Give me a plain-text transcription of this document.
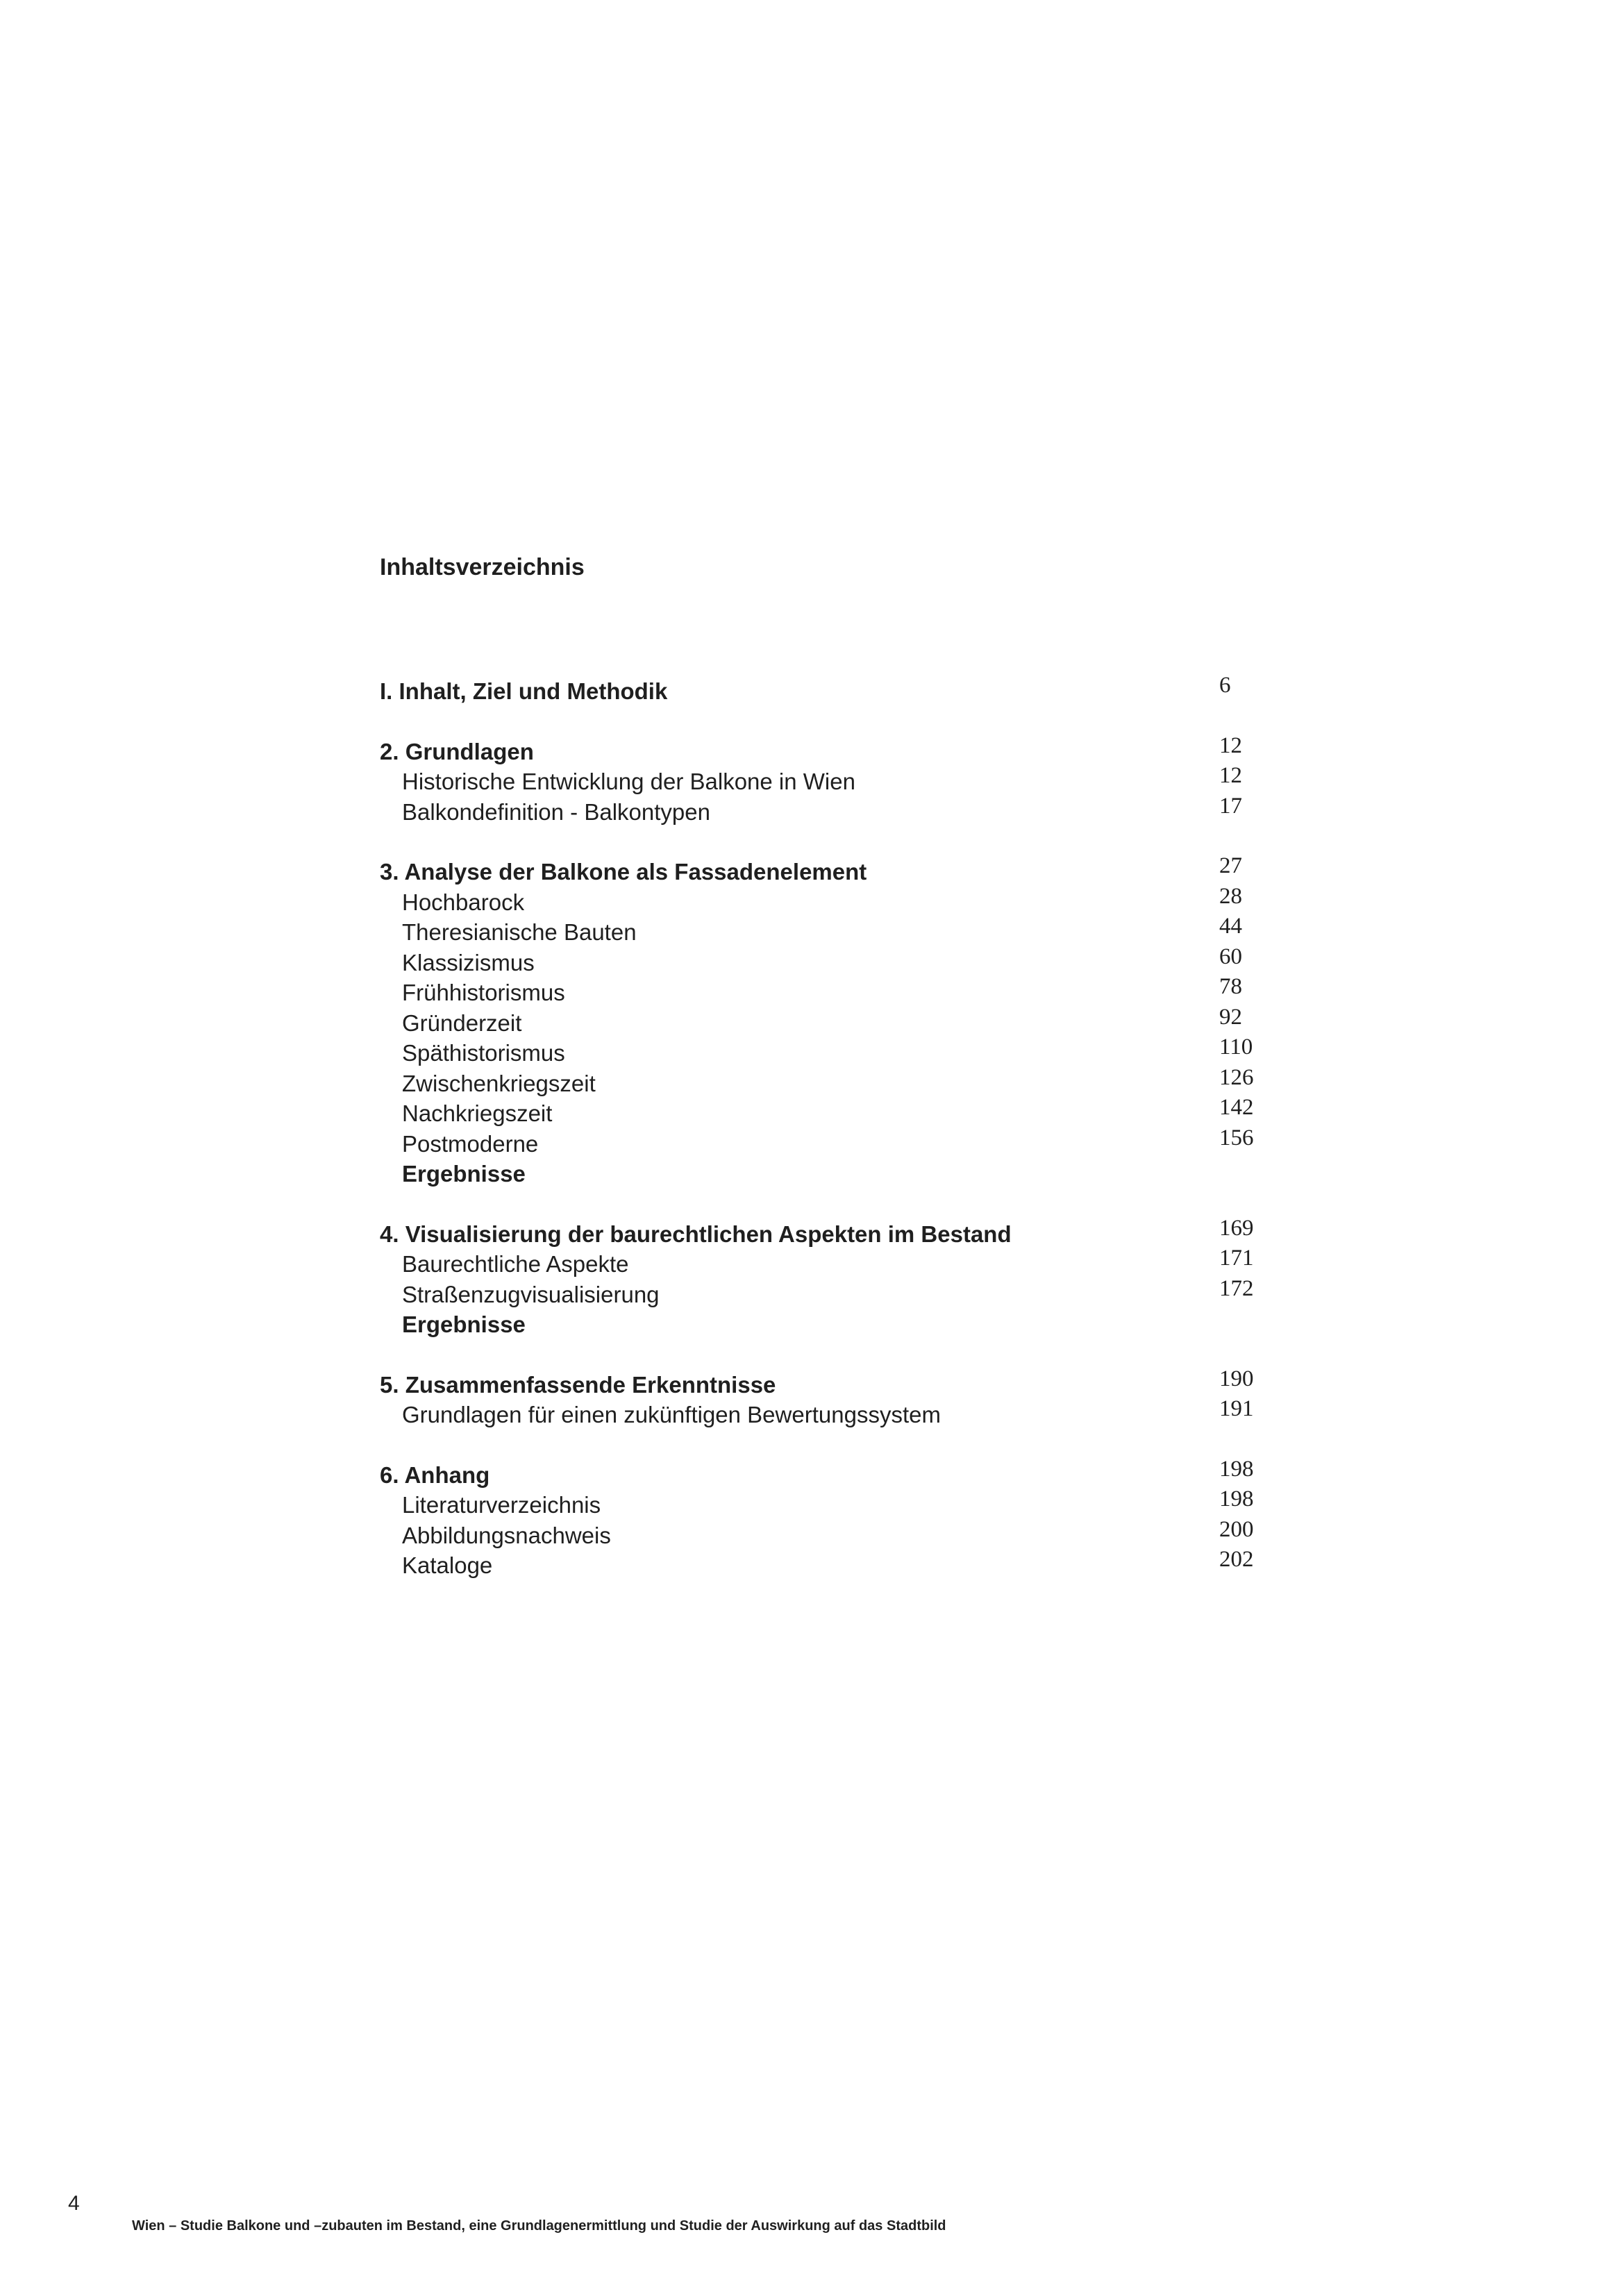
Inhaltsverzeichnis
I. Inhalt, Ziel und Methodik	6
2. Grundlagen	12
Historische Entwicklung der Balkone in Wien	12
Balkondefinition - Balkontypen	17
3. Analyse der Balkone als Fassadenelement	27
Hochbarock	28
Theresianische Bauten	44
Klassizismus	60
Frühhistorismus	78
Gründerzeit	92
Späthistorismus	110
Zwischenkriegszeit	126
Nachkriegszeit	142
Postmoderne	156
Ergebnisse
4. Visualisierung der baurechtlichen Aspekten im Bestand	169
Baurechtliche Aspekte	171
Straßenzugvisualisierung	172
Ergebnisse
5. Zusammenfassende Erkenntnisse	190
Grundlagen für einen zukünftigen Bewertungssystem	191
6. Anhang	198
Literaturverzeichnis	198
Abbildungsnachweis	200
Kataloge	202
4
Wien – Studie Balkone und –zubauten im Bestand, eine Grundlagenermittlung und Studie der Auswirkung auf das Stadtbild
